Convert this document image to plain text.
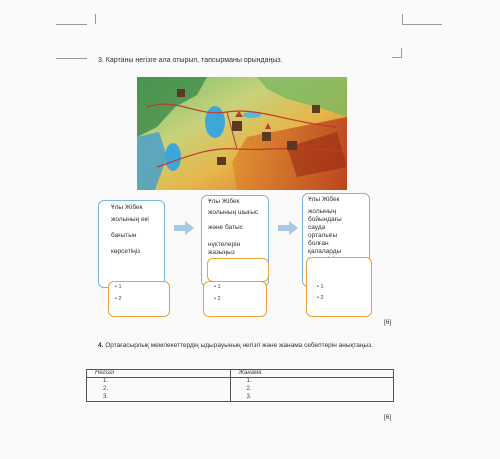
3. Картаны негізге ала отырып, тапсырманы орындаңыз.
Ұлы Жібек
жолының екі
бағытын
көрсетіңіз
• 1
• 2
Ұлы Жібек
жолының шығыс
және батыс
нүктелерін
жазыңыз
• 1
• 2
Ұлы Жібек
жолының
бойындағы
сауда
орталығы
болған
қалаларды
• 1
• 2
[6]
4. Ортағасырлық мемлекеттердің ыдырауының негізгі және жанама себептерін анықтаңыз.
Негізгі	Жанама
1.	1.
2.	2.
3.	3.
[6]
